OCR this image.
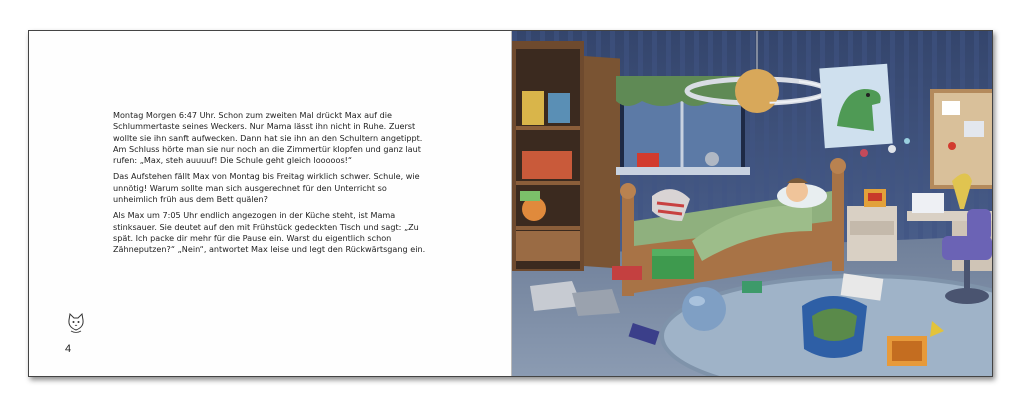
Montag Morgen 6:47 Uhr. Schon zum zweiten Mal drückt Max auf die Schlummertaste seines Weckers. Nur Mama lässt ihn nicht in Ruhe. Zuerst wollte sie ihn sanft aufwecken. Dann hat sie ihn an den Schultern angetippt. Am Schluss hörte man sie nur noch an die Zimmertür klopfen und ganz laut rufen: „Max, steh auuuuf! Die Schule geht gleich looooos!“

Das Aufstehen fällt Max von Montag bis Freitag wirklich schwer. Schule, wie unnötig! Warum sollte man sich ausgerechnet für den Unterricht so unheimlich früh aus dem Bett quälen?

Als Max um 7:05 Uhr endlich angezogen in der Küche steht, ist Mama stinksauer. Sie deutet auf den mit Frühstück gedeckten Tisch und sagt: „Zu spät. Ich packe dir mehr für die Pause ein. Warst du eigentlich schon Zähneputzen?“ „Nein“, antwortet Max leise und legt den Rückwärtsgang ein.

4
